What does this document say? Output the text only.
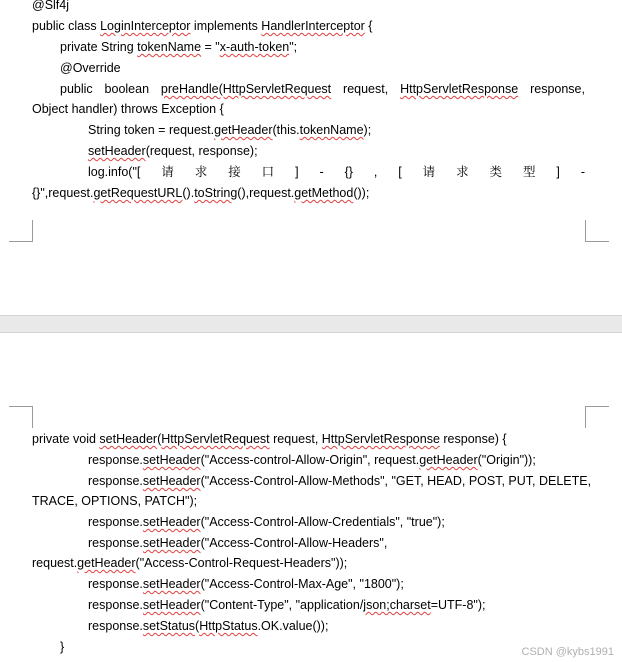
@Slf4j
public class LoginInterceptor implements HandlerInterceptor {
private String tokenName = "x-auth-token";
@Override
public boolean preHandle(HttpServletRequest request, HttpServletResponse response,
Object handler) throws Exception {
String token = request.getHeader(this.tokenName);
setHeader(request, response);
log.info("[ 请 求 接 口 ] - {} , [ 请 求 类 型 ] -
{}",request.getRequestURL().toString(),request.getMethod());
private void setHeader(HttpServletRequest request, HttpServletResponse response) {
response.setHeader("Access-control-Allow-Origin", request.getHeader("Origin"));
response.setHeader("Access-Control-Allow-Methods", "GET, HEAD, POST, PUT, DELETE,
TRACE, OPTIONS, PATCH");
response.setHeader("Access-Control-Allow-Credentials", "true");
response.setHeader("Access-Control-Allow-Headers",
request.getHeader("Access-Control-Request-Headers"));
response.setHeader("Access-Control-Max-Age", "1800");
response.setHeader("Content-Type", "application/json;charset=UTF-8");
response.setStatus(HttpStatus.OK.value());
}	CSDN @kybs1991
